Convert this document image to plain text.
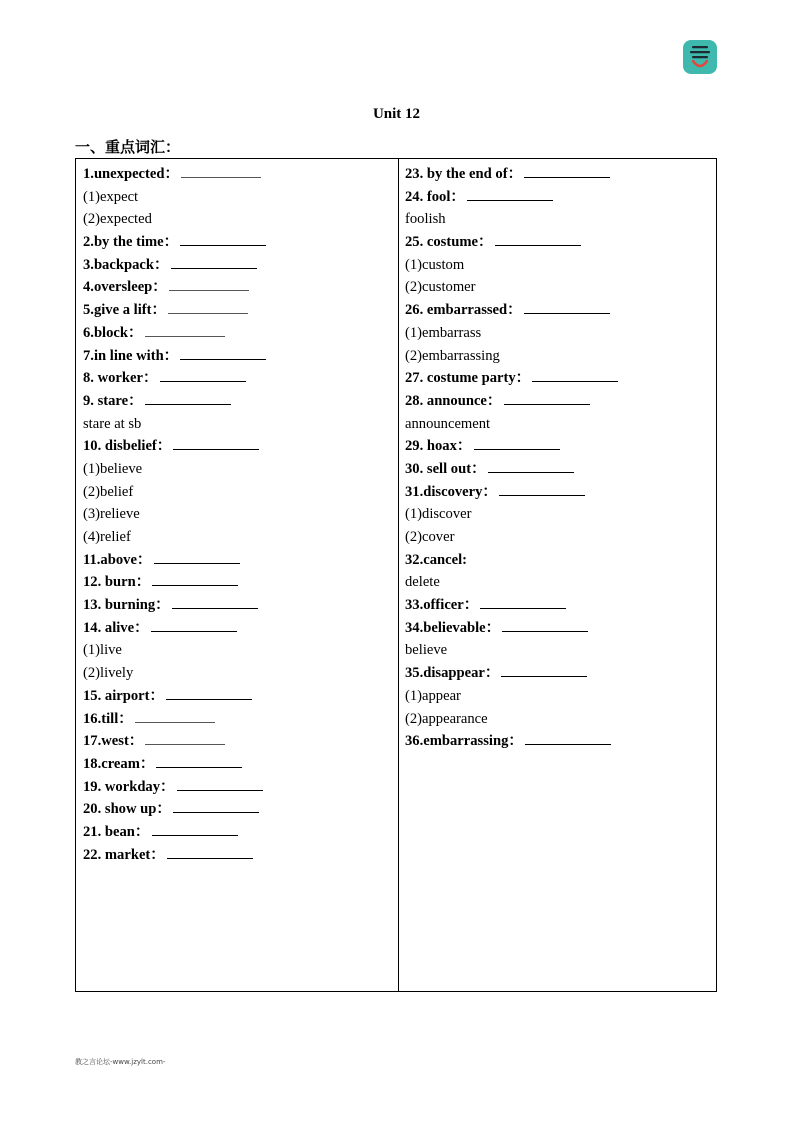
Unit 12
一、重点词汇：
1.unexpected：
(1)expect
(2)expected
2.by the time：
3.backpack：
4.oversleep：
5.give a lift：
6.block：
7.in line with：
8. worker：
9. stare：
stare at sb
10. disbelief：
(1)believe
(2)belief
(3)relieve
(4)relief
11.above：
12. burn：
13. burning：
14. alive：
(1)live
(2)lively
15. airport：
16.till：
17.west：
18.cream：
19. workday：
20. show up：
21. bean：
22. market：
23. by the end of：
24. fool：
foolish
25. costume：
(1)custom
(2)customer
26. embarrassed：
(1)embarrass
(2)embarrassing
27. costume party：
28. announce：
announcement
29. hoax：
30. sell out：
31.discovery：
(1)discover
(2)cover
32.cancel:
delete
33.officer：
34.believable：
believe
35.disappear：
(1)appear
(2)appearance
36.embarrassing：
教之言论坛-www.jzylt.com-
